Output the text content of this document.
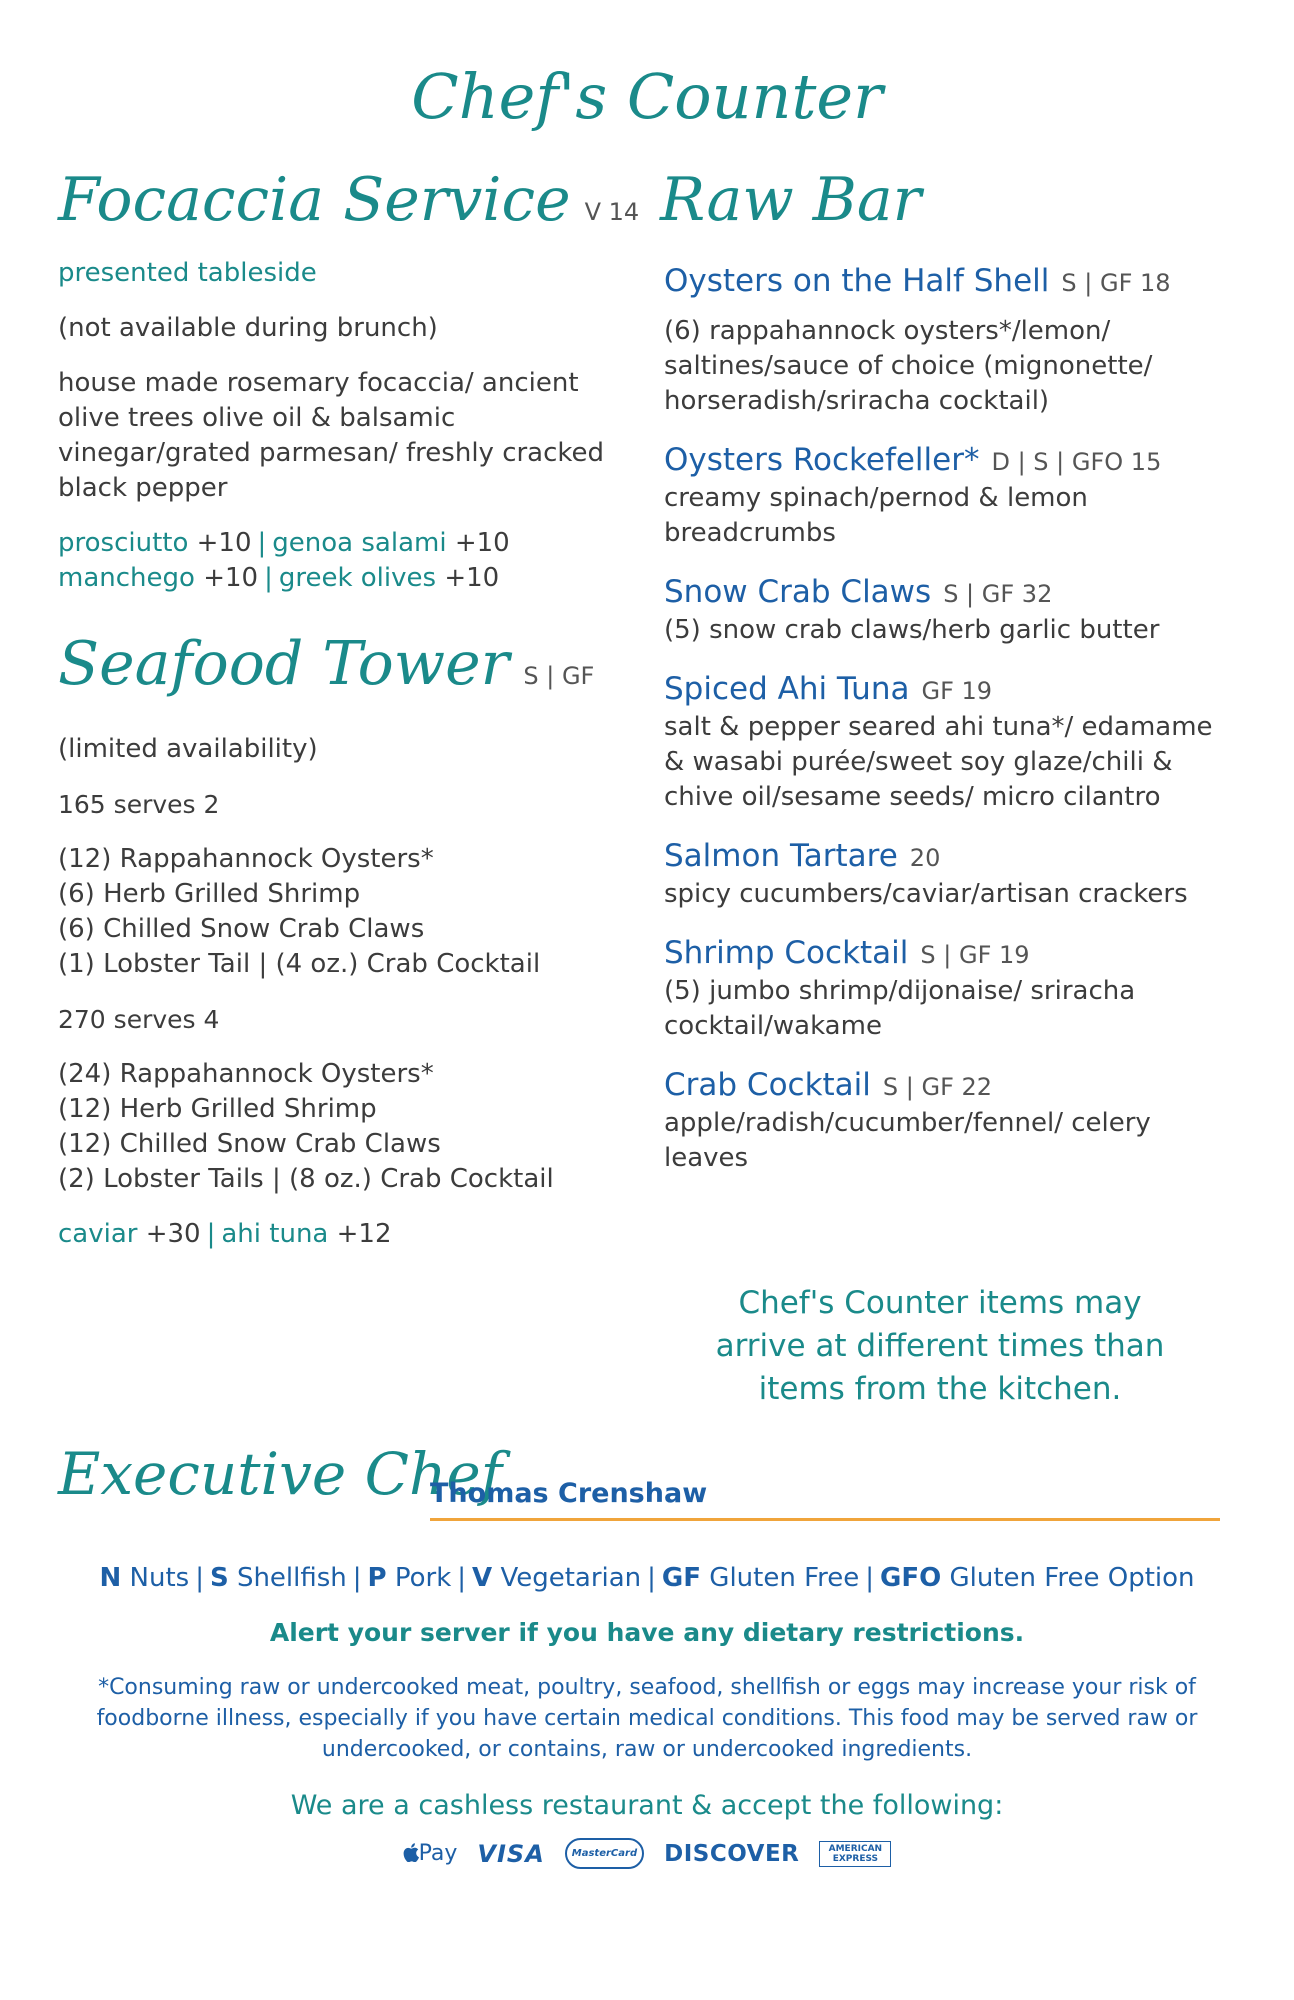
Chef's Counter
Focaccia Service V 14

presented tableside

(not available during brunch)

house made rosemary focaccia/ ancient olive trees olive oil & balsamic vinegar/grated parmesan/ freshly cracked black pepper

prosciutto +10 | genoa salami +10
manchego +10 | greek olives +10
Seafood Tower S | GF

(limited availability)

165 serves 2

(12) Rappahannock Oysters*
(6) Herb Grilled Shrimp
(6) Chilled Snow Crab Claws
(1) Lobster Tail | (4 oz.) Crab Cocktail

270 serves 4

(24) Rappahannock Oysters*
(12) Herb Grilled Shrimp
(12) Chilled Snow Crab Claws
(2) Lobster Tails | (8 oz.) Crab Cocktail
caviar +30 | ahi tuna +12
Raw Bar
Oysters on the Half Shell S | GF 18
(6) rappahannock oysters*/lemon/ saltines/sauce of choice (mignonette/ horseradish/sriracha cocktail)
Oysters Rockefeller* D | S | GFO 15
creamy spinach/pernod & lemon breadcrumbs
Snow Crab Claws S | GF 32
(5) snow crab claws/herb garlic butter
Spiced Ahi Tuna GF 19
salt & pepper seared ahi tuna*/ edamame & wasabi purée/sweet soy glaze/chili & chive oil/sesame seeds/ micro cilantro
Salmon Tartare 20
spicy cucumbers/caviar/artisan crackers
Shrimp Cocktail S | GF 19
(5) jumbo shrimp/dijonaise/ sriracha cocktail/wakame
Crab Cocktail S | GF 22
apple/radish/cucumber/fennel/ celery leaves
Chef's Counter items may arrive at different times than items from the kitchen.
Executive Chef
Thomas Crenshaw
N Nuts | S Shellfish | P Pork | V Vegetarian | GF Gluten Free | GFO Gluten Free Option
Alert your server if you have any dietary restrictions.
*Consuming raw or undercooked meat, poultry, seafood, shellfish or eggs may increase your risk of foodborne illness, especially if you have certain medical conditions. This food may be served raw or undercooked, or contains, raw or undercooked ingredients.
We are a cashless restaurant & accept the following:
Pay VISA	MasterCard	DISCOVER	AMERICAN
EXPRESS
